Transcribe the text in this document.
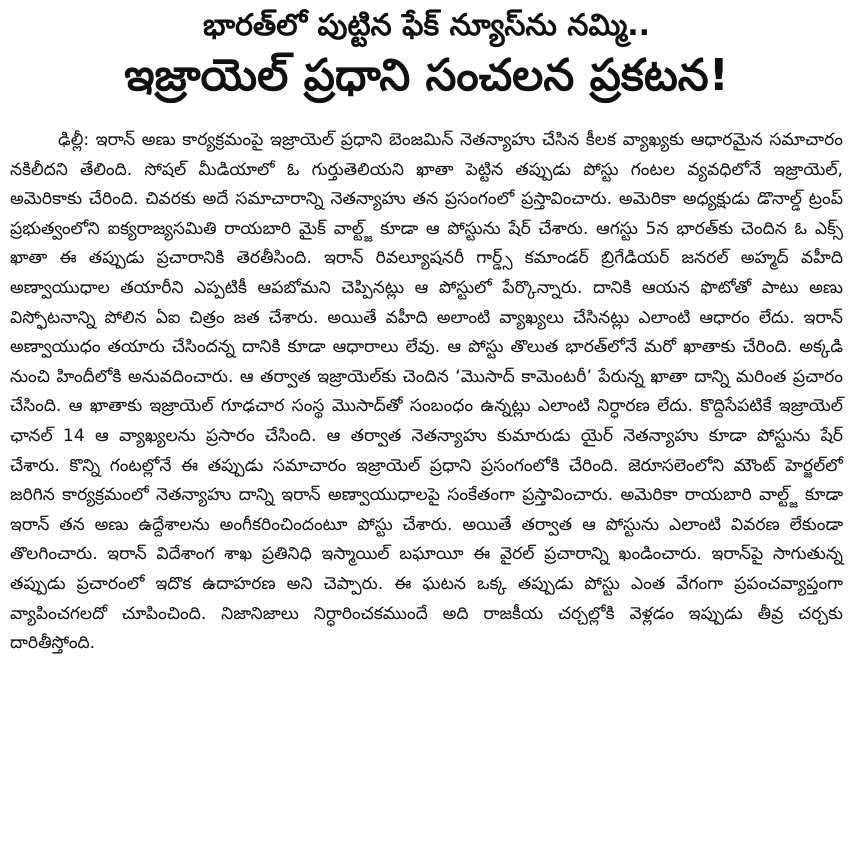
భారత్‌లో పుట్టిన ఫేక్ న్యూస్‌ను నమ్మి..
ఇజ్రాయెల్ ప్రధాని సంచలన ప్రకటన!

ఢిల్లీ: ఇరాన్ అణు కార్యక్రమంపై ఇజ్రాయెల్ ప్రధాని బెంజమిన్ నెతన్యాహు చేసిన కీలక వ్యాఖ్యకు ఆధారమైన సమాచారం నకిలీదని తేలింది. సోషల్ మీడియాలో ఓ గుర్తుతెలియని ఖాతా పెట్టిన తప్పుడు పోస్టు గంటల వ్యవధిలోనే ఇజ్రాయెల్, అమెరికాకు చేరింది. చివరకు అదే సమాచారాన్ని నెతన్యాహు తన ప్రసంగంలో ప్రస్తావించారు. అమెరికా అధ్యక్షుడు డొనాల్డ్ ట్రంప్ ప్రభుత్వంలోని ఐక్యరాజ్యసమితి రాయబారి మైక్ వాల్ట్జ్ కూడా ఆ పోస్టును షేర్ చేశారు. ఆగస్టు 5న భారత్‌కు చెందిన ఓ ఎక్స్ ఖాతా ఈ తప్పుడు ప్రచారానికి తెరతీసింది. ఇరాన్ రివల్యూషనరీ గార్డ్స్ కమాండర్ బ్రిగేడియర్ జనరల్ అహ్మద్ వహీది అణ్వాయుధాల తయారీని ఎప్పటికీ ఆపబోమని చెప్పినట్లు ఆ పోస్టులో పేర్కొన్నారు. దానికి ఆయన ఫొటోతో పాటు అణు విస్ఫోటనాన్ని పోలిన ఏఐ చిత్రం జత చేశారు. అయితే వహీది అలాంటి వ్యాఖ్యలు చేసినట్లు ఎలాంటి ఆధారం లేదు. ఇరాన్ అణ్వాయుధం తయారు చేసిందన్న దానికి కూడా ఆధారాలు లేవు. ఆ పోస్టు తొలుత భారత్‌లోనే మరో ఖాతాకు చేరింది. అక్కడి నుంచి హిందీలోకి అనువదించారు. ఆ తర్వాత ఇజ్రాయెల్‌కు చెందిన ‘మొసాద్ కామెంటరీ’ పేరున్న ఖాతా దాన్ని మరింత ప్రచారం చేసింది. ఆ ఖాతాకు ఇజ్రాయెల్ గూఢచార సంస్థ మొసాద్‌తో సంబంధం ఉన్నట్లు ఎలాంటి నిర్ధారణ లేదు. కొద్దిసేపటికే ఇజ్రాయెల్ ఛానల్ 14 ఆ వ్యాఖ్యలను ప్రసారం చేసింది. ఆ తర్వాత నెతన్యాహు కుమారుడు యైర్ నెతన్యాహు కూడా పోస్టును షేర్ చేశారు. కొన్ని గంటల్లోనే ఈ తప్పుడు సమాచారం ఇజ్రాయెల్ ప్రధాని ప్రసంగంలోకి చేరింది. జెరూసలెంలోని మౌంట్ హెర్జల్‌లో జరిగిన కార్యక్రమంలో నెతన్యాహు దాన్ని ఇరాన్ అణ్వాయుధాలపై సంకేతంగా ప్రస్తావించారు. అమెరికా రాయబారి వాల్ట్జ్ కూడా ఇరాన్ తన అణు ఉద్దేశాలను అంగీకరించిందంటూ పోస్టు చేశారు. అయితే తర్వాత ఆ పోస్టును ఎలాంటి వివరణ లేకుండా తొలగించారు. ఇరాన్ విదేశాంగ శాఖ ప్రతినిధి ఇస్మాయిల్ బఘాయీ ఈ వైరల్ ప్రచారాన్ని ఖండించారు. ఇరాన్‌పై సాగుతున్న తప్పుడు ప్రచారంలో ఇదొక ఉదాహరణ అని చెప్పారు. ఈ ఘటన ఒక్క తప్పుడు పోస్టు ఎంత వేగంగా ప్రపంచవ్యాప్తంగా వ్యాపించగలదో చూపించింది. నిజానిజాలు నిర్ధారించకముందే అది రాజకీయ చర్చల్లోకి వెళ్లడం ఇప్పుడు తీవ్ర చర్చకు దారితీస్తోంది.
